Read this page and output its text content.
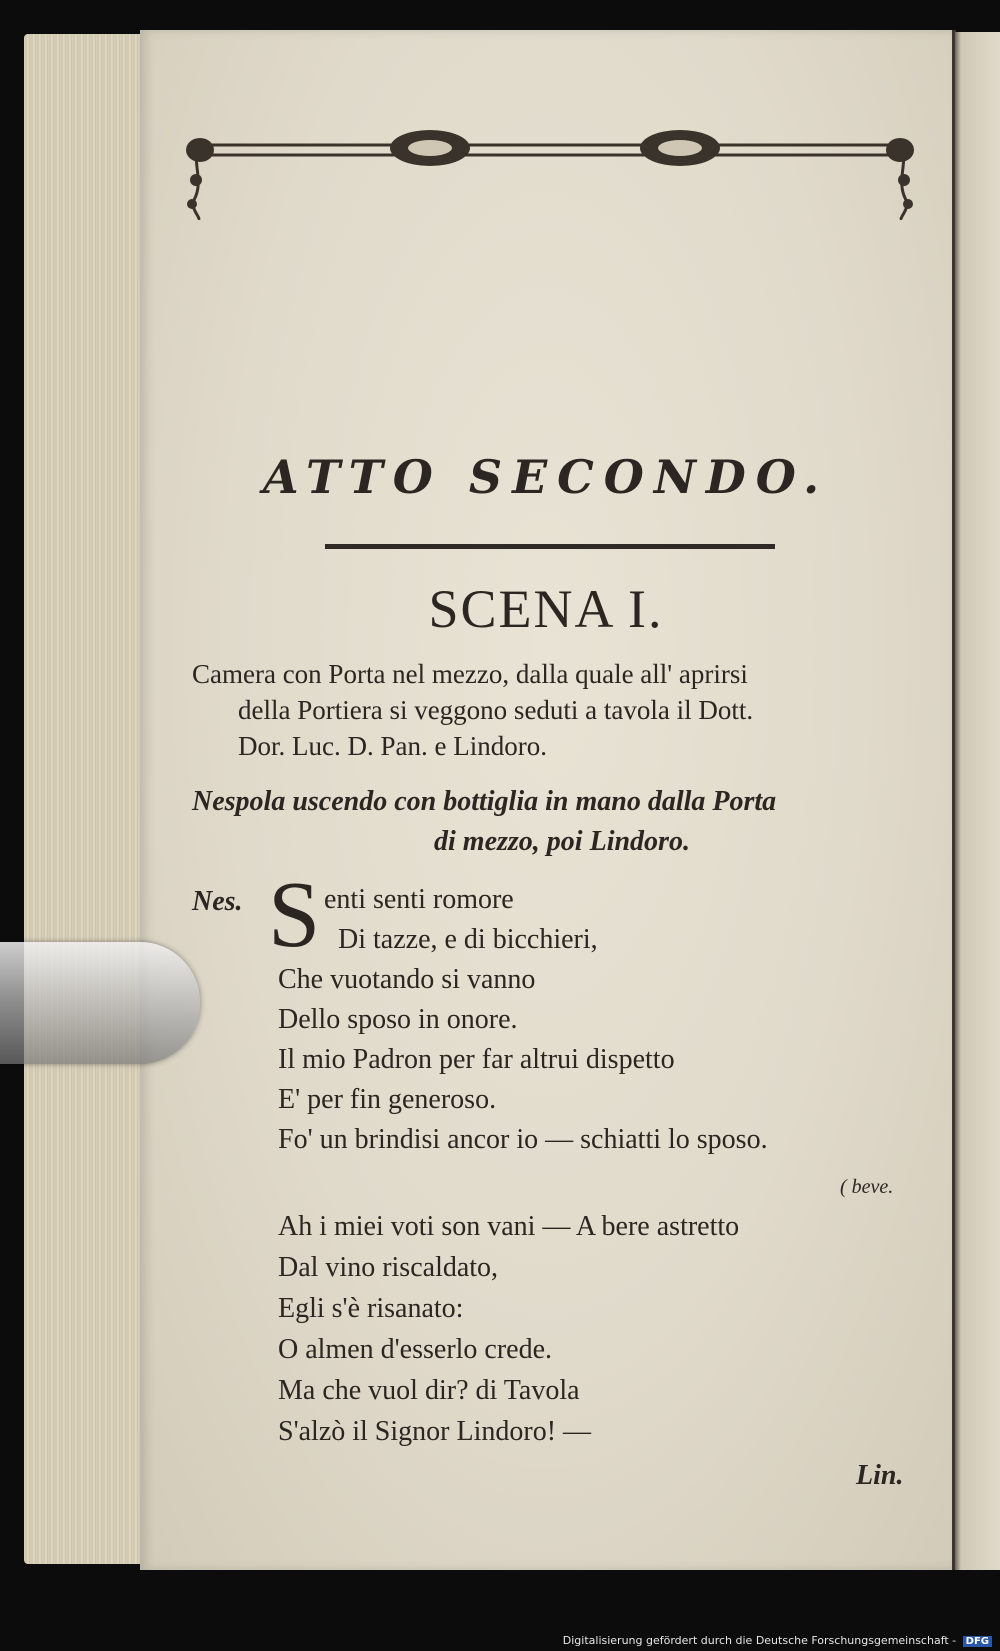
ATTO SECONDO.
SCENA I.
Camera con Porta nel mezzo, dalla quale all' aprirsi
della Portiera si veggono seduti a tavola il Dott.
Dor. Luc. D. Pan. e Lindoro.
Nespola uscendo con bottiglia in mano dalla Porta
di mezzo, poi Lindoro.
Nes. S enti senti romore
Di tazze, e di bicchieri,
Che vuotando si vanno
Dello sposo in onore.
Il mio Padron per far altrui dispetto
E' per fin generoso.
Fo' un brindisi ancor io — schiatti lo sposo.
( beve.
Ah i miei voti son vani — A bere astretto
Dal vino riscaldato,
Egli s'è risanato:
O almen d'esserlo crede.
Ma che vuol dir? di Tavola
S'alzò il Signor Lindoro! —
Lin.
Digitalisierung gefördert durch die Deutsche Forschungsgemeinschaft - DFG
